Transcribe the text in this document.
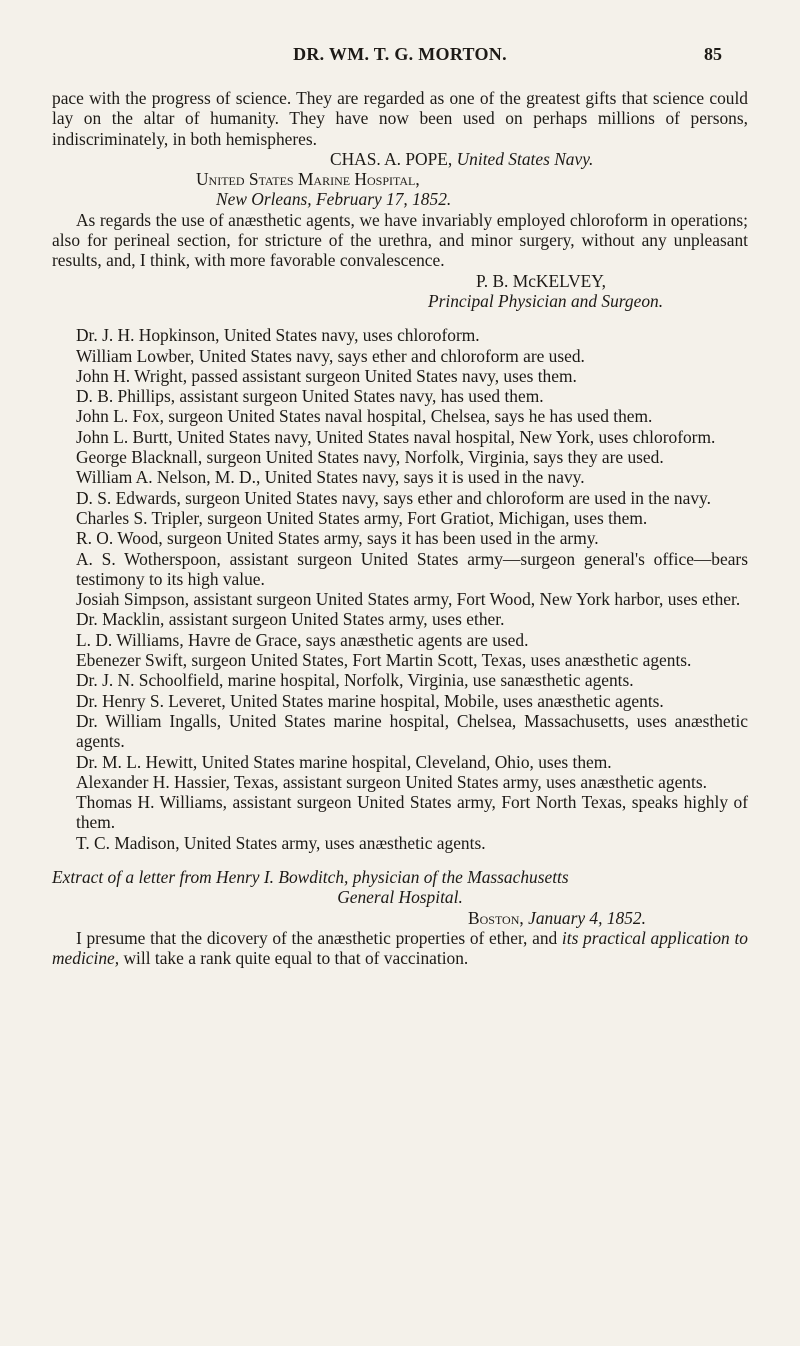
DR. WM. T. G. MORTON.	85

pace with the progress of science. They are regarded as one of the greatest gifts that science could lay on the altar of humanity. They have now been used on perhaps millions of persons, indiscriminately, in both hemispheres.

CHAS. A. POPE, United States Navy.

United States Marine Hospital,

New Orleans, February 17, 1852.

As regards the use of anæsthetic agents, we have invariably employed chloroform in operations; also for perineal section, for stricture of the urethra, and minor surgery, without any unpleasant results, and, I think, with more favorable convalescence.

P. B. McKELVEY,

Principal Physician and Surgeon.

Dr. J. H. Hopkinson, United States navy, uses chloroform.

William Lowber, United States navy, says ether and chloroform are used.

John H. Wright, passed assistant surgeon United States navy, uses them.

D. B. Phillips, assistant surgeon United States navy, has used them.

John L. Fox, surgeon United States naval hospital, Chelsea, says he has used them.

John L. Burtt, United States navy, United States naval hospital, New York, uses chloroform.

George Blacknall, surgeon United States navy, Norfolk, Virginia, says they are used.

William A. Nelson, M. D., United States navy, says it is used in the navy.

D. S. Edwards, surgeon United States navy, says ether and chloroform are used in the navy.

Charles S. Tripler, surgeon United States army, Fort Gratiot, Michigan, uses them.

R. O. Wood, surgeon United States army, says it has been used in the army.

A. S. Wotherspoon, assistant surgeon United States army—surgeon general's office—bears testimony to its high value.

Josiah Simpson, assistant surgeon United States army, Fort Wood, New York harbor, uses ether.

Dr. Macklin, assistant surgeon United States army, uses ether.

L. D. Williams, Havre de Grace, says anæsthetic agents are used.

Ebenezer Swift, surgeon United States, Fort Martin Scott, Texas, uses anæsthetic agents.

Dr. J. N. Schoolfield, marine hospital, Norfolk, Virginia, use sanæsthetic agents.

Dr. Henry S. Leveret, United States marine hospital, Mobile, uses anæsthetic agents.

Dr. William Ingalls, United States marine hospital, Chelsea, Massachusetts, uses anæsthetic agents.

Dr. M. L. Hewitt, United States marine hospital, Cleveland, Ohio, uses them.

Alexander H. Hassier, Texas, assistant surgeon United States army, uses anæsthetic agents.

Thomas H. Williams, assistant surgeon United States army, Fort North Texas, speaks highly of them.

T. C. Madison, United States army, uses anæsthetic agents.

Extract of a letter from Henry I. Bowditch, physician of the Massachusetts

General Hospital.

Boston, January 4, 1852.

I presume that the dicovery of the anæsthetic properties of ether, and its practical application to medicine, will take a rank quite equal to that of vaccination.
